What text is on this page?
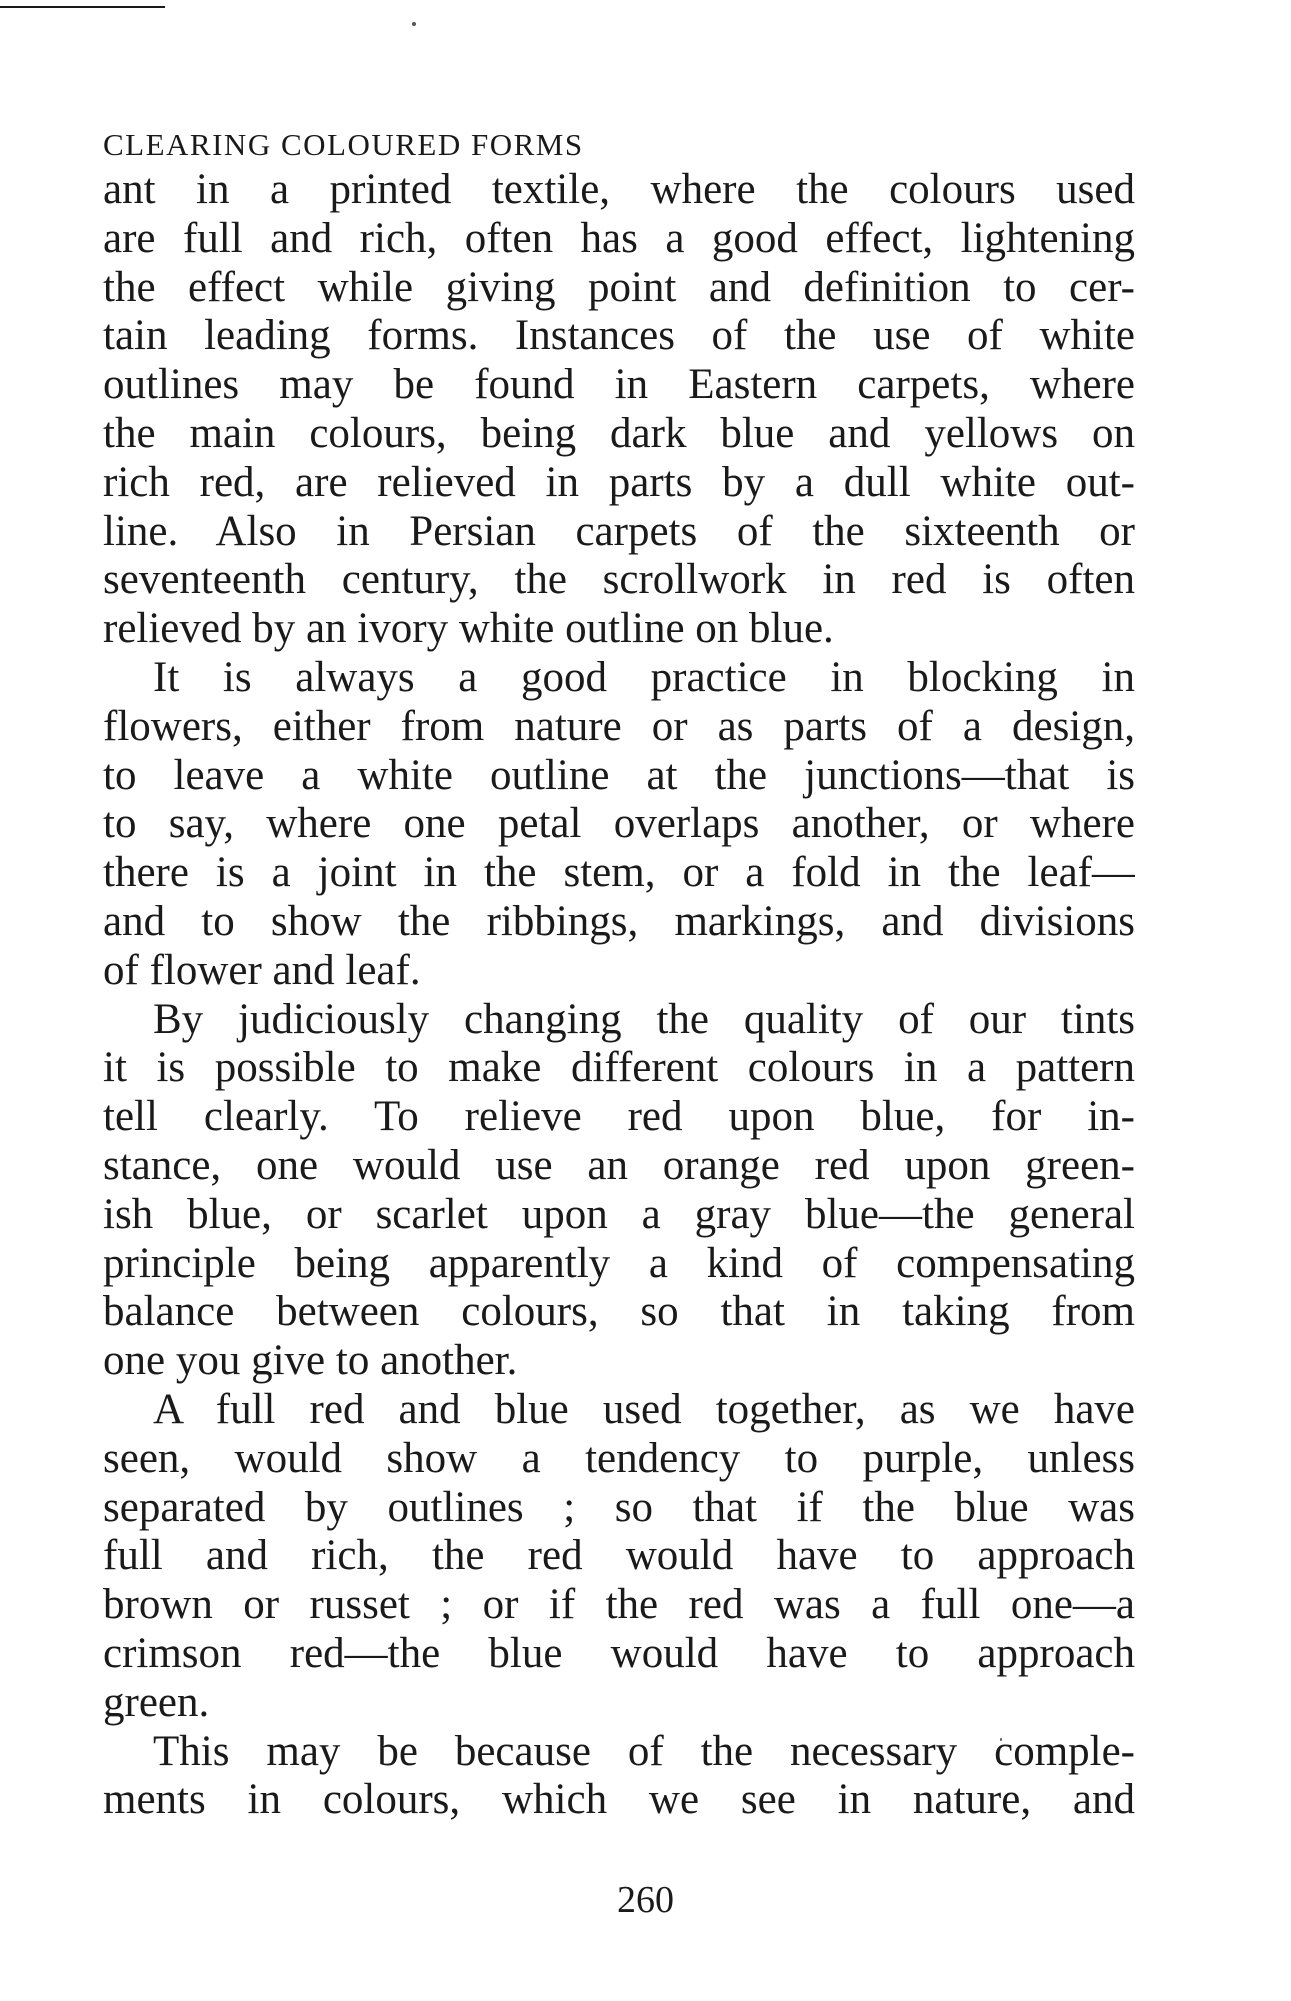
CLEARING COLOURED FORMS
ant in a printed textile, where the colours used
are full and rich, often has a good effect, lightening
the effect while giving point and definition to cer-
tain leading forms. Instances of the use of white
outlines may be found in Eastern carpets, where
the main colours, being dark blue and yellows on
rich red, are relieved in parts by a dull white out-
line. Also in Persian carpets of the sixteenth or
seventeenth century, the scrollwork in red is often
relieved by an ivory white outline on blue.
It is always a good practice in blocking in
flowers, either from nature or as parts of a design,
to leave a white outline at the junctions—that is
to say, where one petal overlaps another, or where
there is a joint in the stem, or a fold in the leaf—
and to show the ribbings, markings, and divisions
of flower and leaf.
By judiciously changing the quality of our tints
it is possible to make different colours in a pattern
tell clearly. To relieve red upon blue, for in-
stance, one would use an orange red upon green-
ish blue, or scarlet upon a gray blue—the general
principle being apparently a kind of compensating
balance between colours, so that in taking from
one you give to another.
A full red and blue used together, as we have
seen, would show a tendency to purple, unless
separated by outlines ; so that if the blue was
full and rich, the red would have to approach
brown or russet ; or if the red was a full one—a
crimson red—the blue would have to approach
green.
This may be because of the necessary comple-
ments in colours, which we see in nature, and
260
